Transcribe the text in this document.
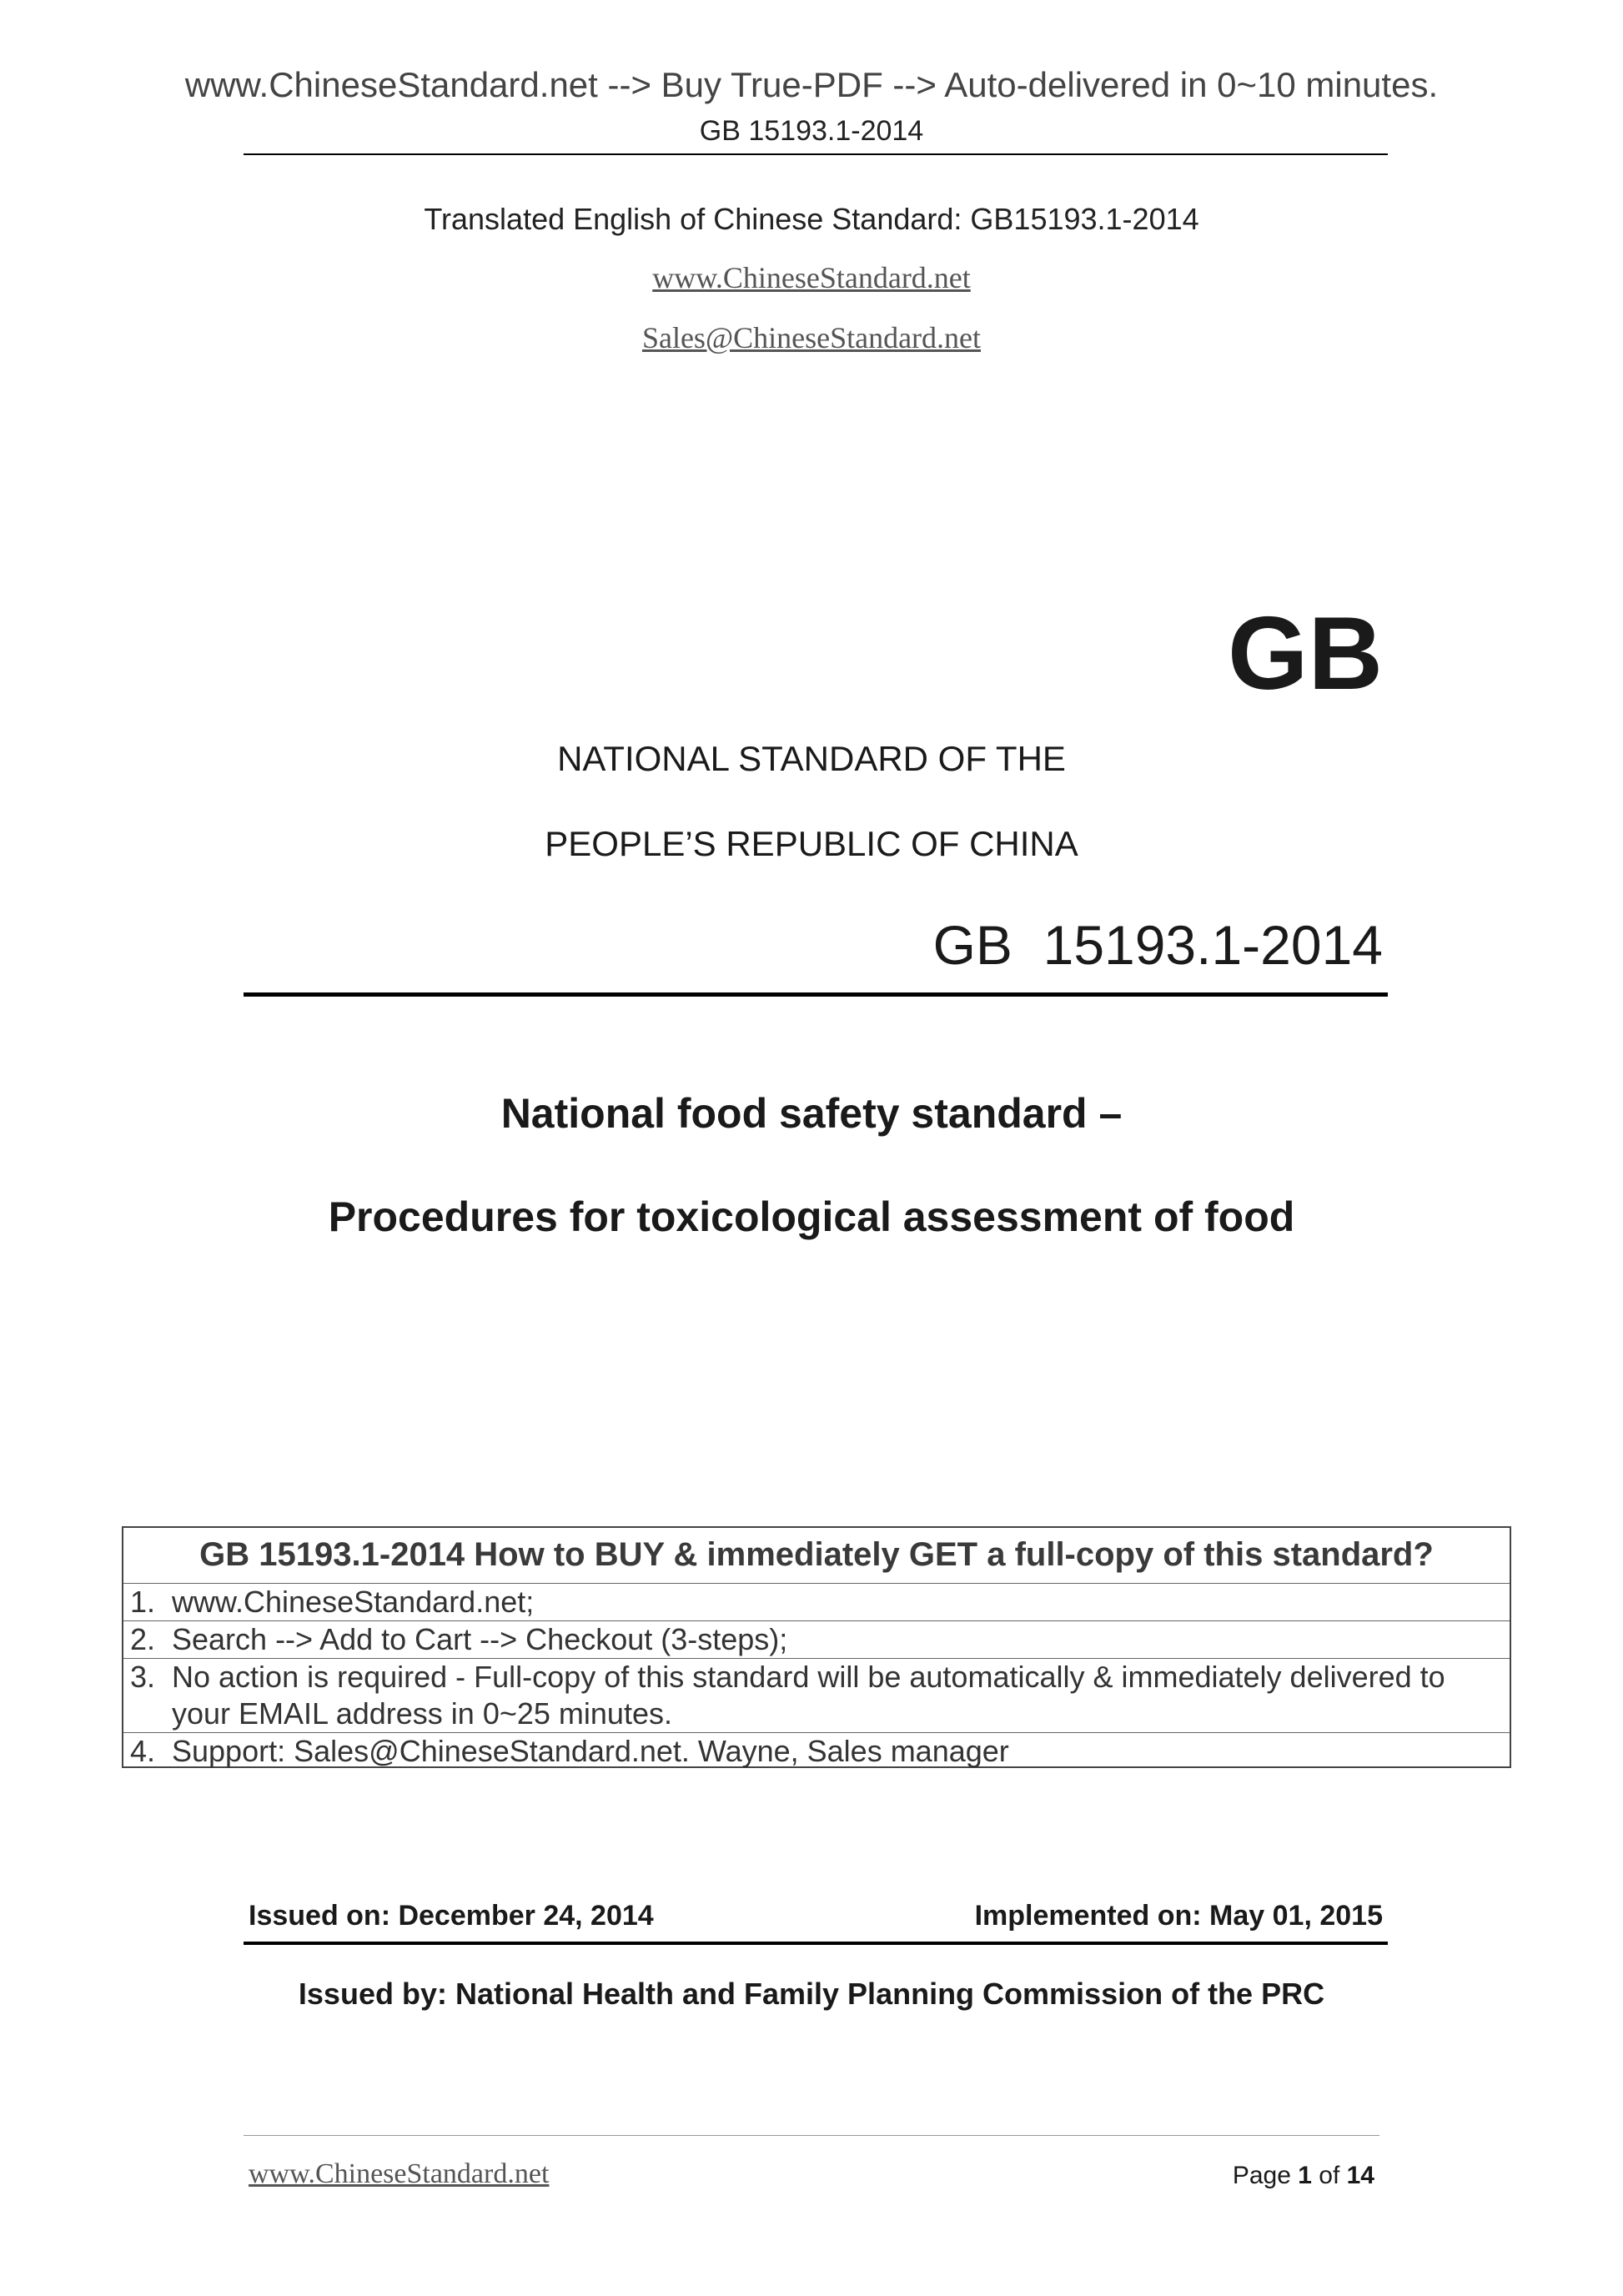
www.ChineseStandard.net --> Buy True-PDF --> Auto-delivered in 0~10 minutes.
GB 15193.1-2014
Translated English of Chinese Standard: GB15193.1-2014
www.ChineseStandard.net
Sales@ChineseStandard.net
GB
NATIONAL STANDARD OF THE
PEOPLE’S REPUBLIC OF CHINA
GB  15193.1-2014
National food safety standard –
Procedures for toxicological assessment of food
GB 15193.1-2014 How to BUY & immediately GET a full-copy of this standard?
1. www.ChineseStandard.net;
2. Search --> Add to Cart --> Checkout (3-steps);
3. No action is required - Full-copy of this standard will be automatically & immediately delivered to
your EMAIL address in 0~25 minutes.
4. Support: Sales@ChineseStandard.net. Wayne, Sales manager
Issued on: December 24, 2014	Implemented on: May 01, 2015
Issued by: National Health and Family Planning Commission of the PRC
www.ChineseStandard.net	Page 1 of 14
